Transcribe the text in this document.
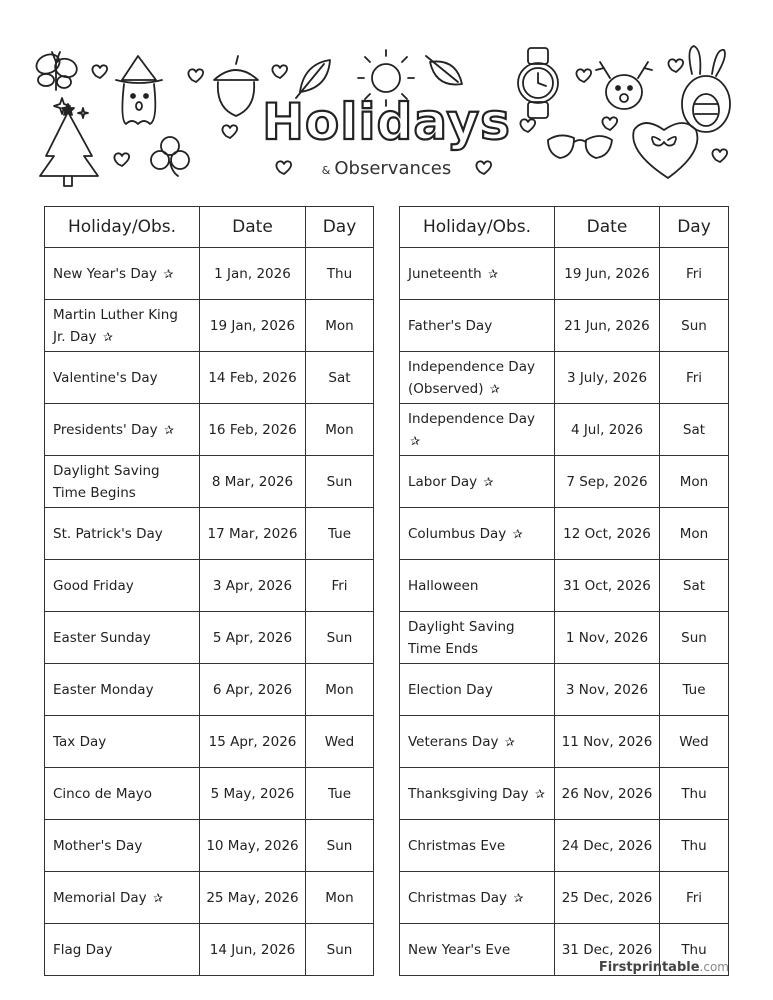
Holidays
& Observances
Holiday/Obs.	Date	Day
New Year's Day ✰	1 Jan, 2026	Thu
Martin Luther King Jr. Day ✰	19 Jan, 2026	Mon
Valentine's Day	14 Feb, 2026	Sat
Presidents' Day ✰	16 Feb, 2026	Mon
Daylight Saving Time Begins	8 Mar, 2026	Sun
St. Patrick's Day	17 Mar, 2026	Tue
Good Friday	3 Apr, 2026	Fri
Easter Sunday	5 Apr, 2026	Sun
Easter Monday	6 Apr, 2026	Mon
Tax Day	15 Apr, 2026	Wed
Cinco de Mayo	5 May, 2026	Tue
Mother's Day	10 May, 2026	Sun
Memorial Day ✰	25 May, 2026	Mon
Flag Day	14 Jun, 2026	Sun
Holiday/Obs.	Date	Day
Juneteenth ✰	19 Jun, 2026	Fri
Father's Day	21 Jun, 2026	Sun
Independence Day (Observed) ✰	3 July, 2026	Fri
Independence Day ✰	4 Jul, 2026	Sat
Labor Day ✰	7 Sep, 2026	Mon
Columbus Day ✰	12 Oct, 2026	Mon
Halloween	31 Oct, 2026	Sat
Daylight Saving Time Ends	1 Nov, 2026	Sun
Election Day	3 Nov, 2026	Tue
Veterans Day ✰	11 Nov, 2026	Wed
Thanksgiving Day ✰	26 Nov, 2026	Thu
Christmas Eve	24 Dec, 2026	Thu
Christmas Day ✰	25 Dec, 2026	Fri
New Year's Eve	31 Dec, 2026	Thu
Firstprintable.com
